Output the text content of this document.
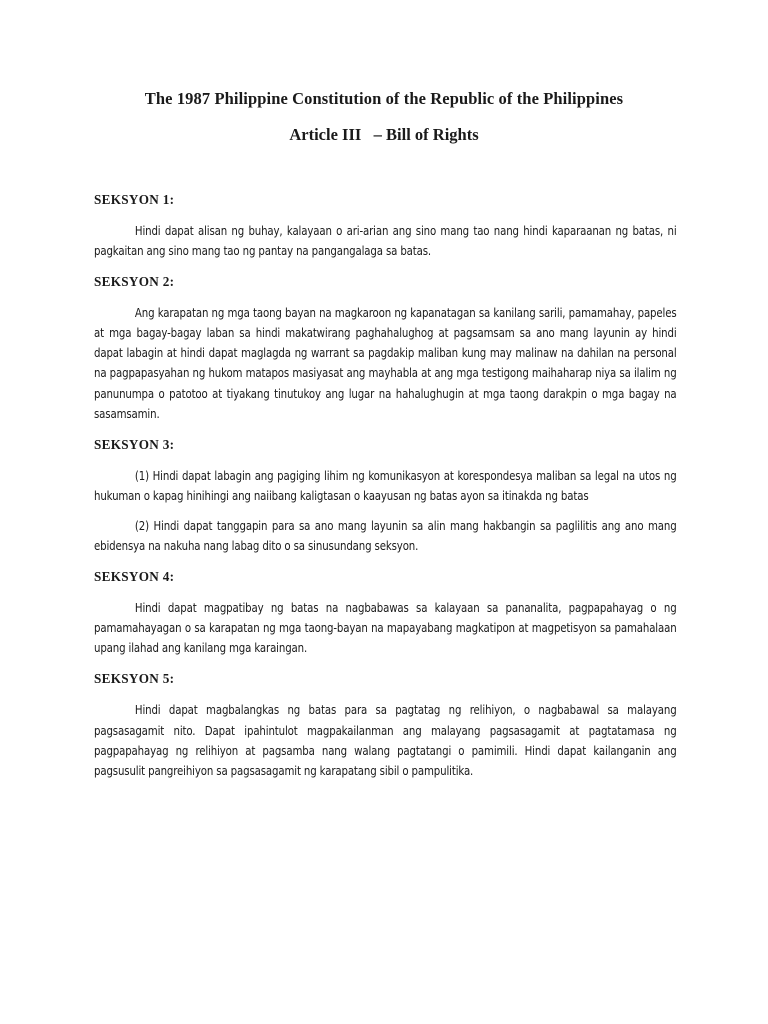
The 1987 Philippine Constitution of the Republic of the Philippines
Article III   – Bill of Rights

SEKSYON 1:

Hindi dapat alisan ng buhay, kalayaan o ari-arian ang sino mang tao nang hindi kaparaanan ng batas, ni pagkaitan ang sino mang tao ng pantay na pangangalaga sa batas.

SEKSYON 2:

Ang karapatan ng mga taong bayan na magkaroon ng kapanatagan sa kanilang sarili, pamamahay, papeles at mga bagay-bagay laban sa hindi makatwirang paghahalughog at pagsamsam sa ano mang layunin ay hindi dapat labagin at hindi dapat maglagda ng warrant sa pagdakip maliban kung may malinaw na dahilan na personal na pagpapasyahan ng hukom matapos masiyasat ang mayhabla at ang mga testigong maihaharap niya sa ilalim ng panunumpa o patotoo at tiyakang tinutukoy ang lugar na hahalughugin at mga taong darakpin o mga bagay na sasamsamin.

SEKSYON 3:

(1) Hindi dapat labagin ang pagiging lihim ng komunikasyon at korespondesya maliban sa legal na utos ng hukuman o kapag hinihingi ang naiibang kaligtasan o kaayusan ng batas ayon sa itinakda ng batas

(2) Hindi dapat tanggapin para sa ano mang layunin sa alin mang hakbangin sa paglilitis ang ano mang ebidensya na nakuha nang labag dito o sa sinusundang seksyon.

SEKSYON 4:

Hindi dapat magpatibay ng batas na nagbabawas sa kalayaan sa pananalita, pagpapahayag o ng pamamahayagan o sa karapatan ng mga taong-bayan na mapayabang magkatipon at magpetisyon sa pamahalaan upang ilahad ang kanilang mga karaingan.

SEKSYON 5:

Hindi dapat magbalangkas ng batas para sa pagtatag ng relihiyon, o nagbabawal sa malayang pagsasagamit nito. Dapat ipahintulot magpakailanman ang malayang pagsasagamit at pagtatamasa ng pagpapahayag ng relihiyon at pagsamba nang walang pagtatangi o pamimili. Hindi dapat kailanganin ang pagsusulit pangreihiyon sa pagsasagamit ng karapatang sibil o pampulitika.
